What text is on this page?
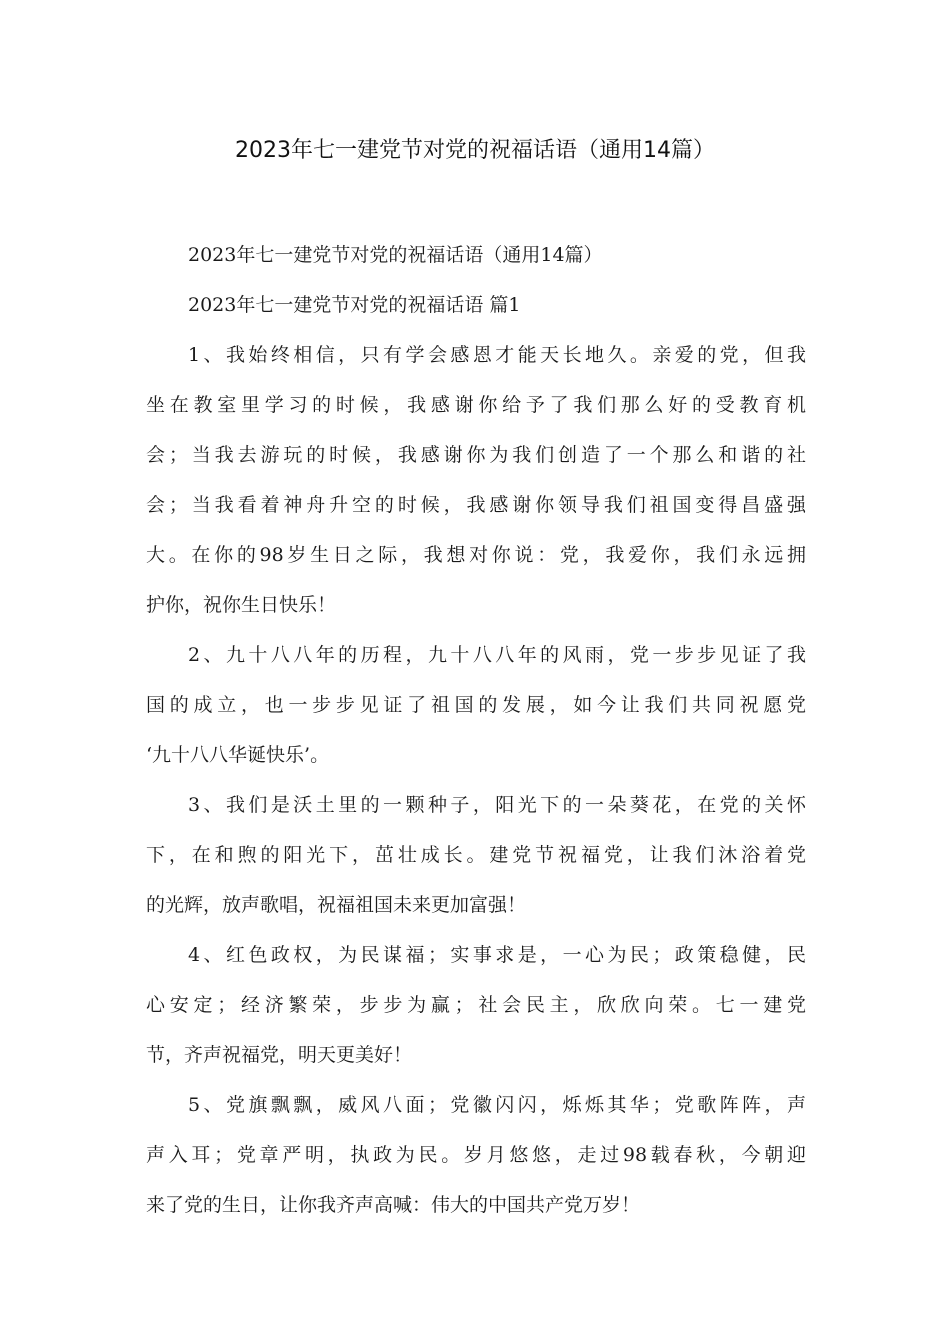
2023年七一建党节对党的祝福话语（通用14篇）
2023年七一建党节对党的祝福话语（通用14篇）
2023年七一建党节对党的祝福话语 篇1

1、我始终相信，只有学会感恩才能天长地久。亲爱的党，但我
坐在教室里学习的时候，我感谢你给予了我们那么好的受教育机
会；当我去游玩的时候，我感谢你为我们创造了一个那么和谐的社
会；当我看着神舟升空的时候，我感谢你领导我们祖国变得昌盛强
大。在你的98岁生日之际，我想对你说：党，我爱你，我们永远拥
护你，祝你生日快乐！

2、九十八八年的历程，九十八八年的风雨，党一步步见证了我
国的成立，也一步步见证了祖国的发展，如今让我们共同祝愿党
‘九十八八华诞快乐’。

3、我们是沃土里的一颗种子，阳光下的一朵葵花，在党的关怀
下，在和煦的阳光下，茁壮成长。建党节祝福党，让我们沐浴着党
的光辉，放声歌唱，祝福祖国未来更加富强！

4、红色政权，为民谋福；实事求是，一心为民；政策稳健，民
心安定；经济繁荣，步步为赢；社会民主，欣欣向荣。七一建党
节，齐声祝福党，明天更美好！

5、党旗飘飘，威风八面；党徽闪闪，烁烁其华；党歌阵阵，声
声入耳；党章严明，执政为民。岁月悠悠，走过98载春秋，今朝迎
来了党的生日，让你我齐声高喊：伟大的中国共产党万岁！
